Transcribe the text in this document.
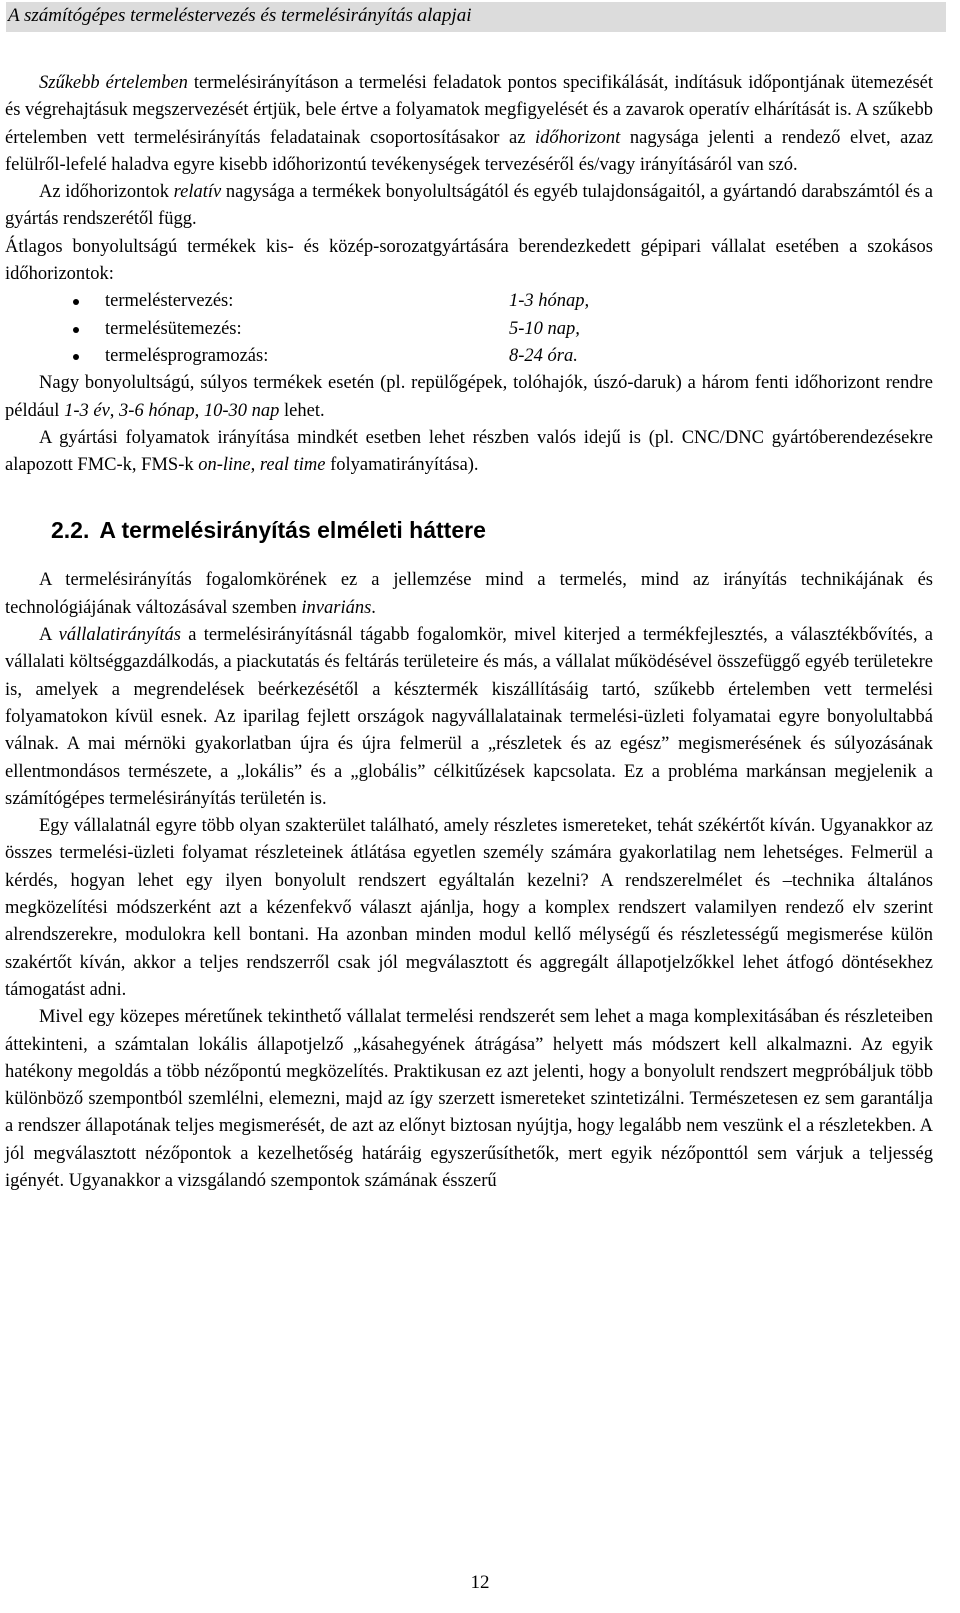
A számítógépes termeléstervezés és termelésirányítás alapjai

Szűkebb értelemben termelésirányításon a termelési feladatok pontos specifikálását, indításuk időpontjának ütemezését és végrehajtásuk megszervezését értjük, bele értve a folyamatok megfigyelését és a zavarok operatív elhárítását is. A szűkebb értelemben vett termelésirányítás feladatainak csoportosításakor az időhorizont nagysága jelenti a rendező elvet, azaz felülről-lefelé haladva egyre kisebb időhorizontú tevékenységek tervezéséről és/vagy irányításáról van szó.

Az időhorizontok relatív nagysága a termékek bonyolultságától és egyéb tulajdonságaitól, a gyártandó darabszámtól és a gyártás rendszerétől függ.

Átlagos bonyolultságú termékek kis- és közép-sorozatgyártására berendezkedett gépipari vállalat esetében a szokásos időhorizontok:

termeléstervezés:	1-3 hónap,
termelésütemezés:	5-10 nap,
termelésprogramozás:	8-24 óra.

Nagy bonyolultságú, súlyos termékek esetén (pl. repülőgépek, tolóhajók, úszó-daruk) a három fenti időhorizont rendre például 1-3 év, 3-6 hónap, 10-30 nap lehet.

A gyártási folyamatok irányítása mindkét esetben lehet részben valós idejű is (pl. CNC/DNC gyártóberendezésekre alapozott FMC-k, FMS-k on-line, real time folyamatirányítása).

2.2. A termelésirányítás elméleti háttere

A termelésirányítás fogalomkörének ez a jellemzése mind a termelés, mind az irányítás technikájának és technológiájának változásával szemben invariáns.

A vállalatirányítás a termelésirányításnál tágabb fogalomkör, mivel kiterjed a termékfejlesztés, a választékbővítés, a vállalati költséggazdálkodás, a piackutatás és feltárás területeire és más, a vállalat működésével összefüggő egyéb területekre is, amelyek a megrendelések beérkezésétől a késztermék kiszállításáig tartó, szűkebb értelemben vett termelési folyamatokon kívül esnek. Az iparilag fejlett országok nagyvállalatainak termelési-üzleti folyamatai egyre bonyolultabbá válnak. A mai mérnöki gyakorlatban újra és újra felmerül a „részletek és az egész” megismerésének és súlyozásának ellentmondásos természete, a „lokális” és a „globális” célkitűzések kapcsolata. Ez a probléma markánsan megjelenik a számítógépes termelésirányítás területén is.

Egy vállalatnál egyre több olyan szakterület található, amely részletes ismereteket, tehát székértőt kíván. Ugyanakkor az összes termelési-üzleti folyamat részleteinek átlátása egyetlen személy számára gyakorlatilag nem lehetséges. Felmerül a kérdés, hogyan lehet egy ilyen bonyolult rendszert egyáltalán kezelni? A rendszerelmélet és –technika általános megközelítési módszerként azt a kézenfekvő választ ajánlja, hogy a komplex rendszert valamilyen rendező elv szerint alrendszerekre, modulokra kell bontani. Ha azonban minden modul kellő mélységű és részletességű megismerése külön szakértőt kíván, akkor a teljes rendszerről csak jól megválasztott és aggregált állapotjelzőkkel lehet átfogó döntésekhez támogatást adni.

Mivel egy közepes méretűnek tekinthető vállalat termelési rendszerét sem lehet a maga komplexitásában és részleteiben áttekinteni, a számtalan lokális állapotjelző „kásahegyének átrágása” helyett más módszert kell alkalmazni. Az egyik hatékony megoldás a több nézőpontú megközelítés. Praktikusan ez azt jelenti, hogy a bonyolult rendszert megpróbáljuk több különböző szempontból szemlélni, elemezni, majd az így szerzett ismereteket szintetizálni. Természetesen ez sem garantálja a rendszer állapotának teljes megismerését, de azt az előnyt biztosan nyújtja, hogy legalább nem veszünk el a részletekben. A jól megválasztott nézőpontok a kezelhetőség határáig egyszerűsíthetők, mert egyik nézőponttól sem várjuk a teljesség igényét. Ugyanakkor a vizsgálandó szempontok számának ésszerű

12
